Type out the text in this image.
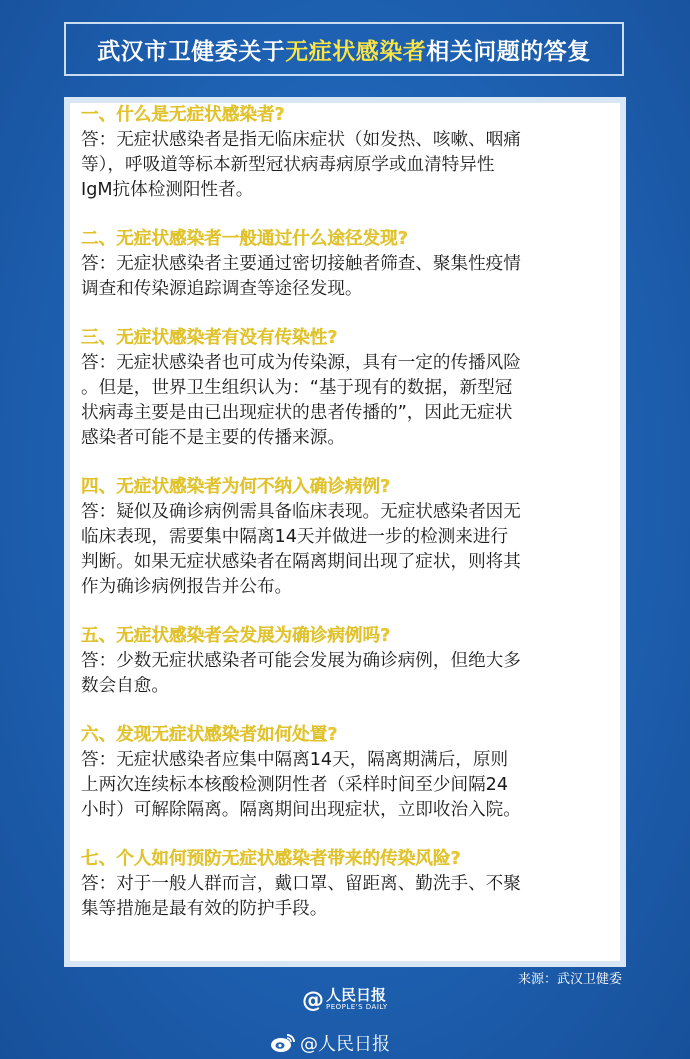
武汉市卫健委关于 无症状感染者 相关问题的答复
一、什么是无症状感染者?
答：无症状感染者是指无临床症状（如发热、咳嗽、咽痛
等），呼吸道等标本新型冠状病毒病原学或血清特异性
IgM抗体检测阳性者。
二、无症状感染者一般通过什么途径发现?
答：无症状感染者主要通过密切接触者筛查、聚集性疫情
调查和传染源追踪调查等途径发现。
三、无症状感染者有没有传染性?
答：无症状感染者也可成为传染源，具有一定的传播风险
。但是，世界卫生组织认为：“基于现有的数据，新型冠
状病毒主要是由已出现症状的患者传播的”，因此无症状
感染者可能不是主要的传播来源。
四、无症状感染者为何不纳入确诊病例?
答：疑似及确诊病例需具备临床表现。无症状感染者因无
临床表现，需要集中隔离14天并做进一步的检测来进行
判断。如果无症状感染者在隔离期间出现了症状，则将其
作为确诊病例报告并公布。
五、无症状感染者会发展为确诊病例吗?
答：少数无症状感染者可能会发展为确诊病例，但绝大多
数会自愈。
六、发现无症状感染者如何处置?
答：无症状感染者应集中隔离14天，隔离期满后，原则
上两次连续标本核酸检测阴性者（采样时间至少间隔24
小时）可解除隔离。隔离期间出现症状，立即收治入院。
七、个人如何预防无症状感染者带来的传染风险?
答：对于一般人群而言，戴口罩、留距离、勤洗手、不聚
集等措施是最有效的防护手段。
来源：武汉卫健委
@ 人民日报
PEOPLE'S DAILY
@人民日报
